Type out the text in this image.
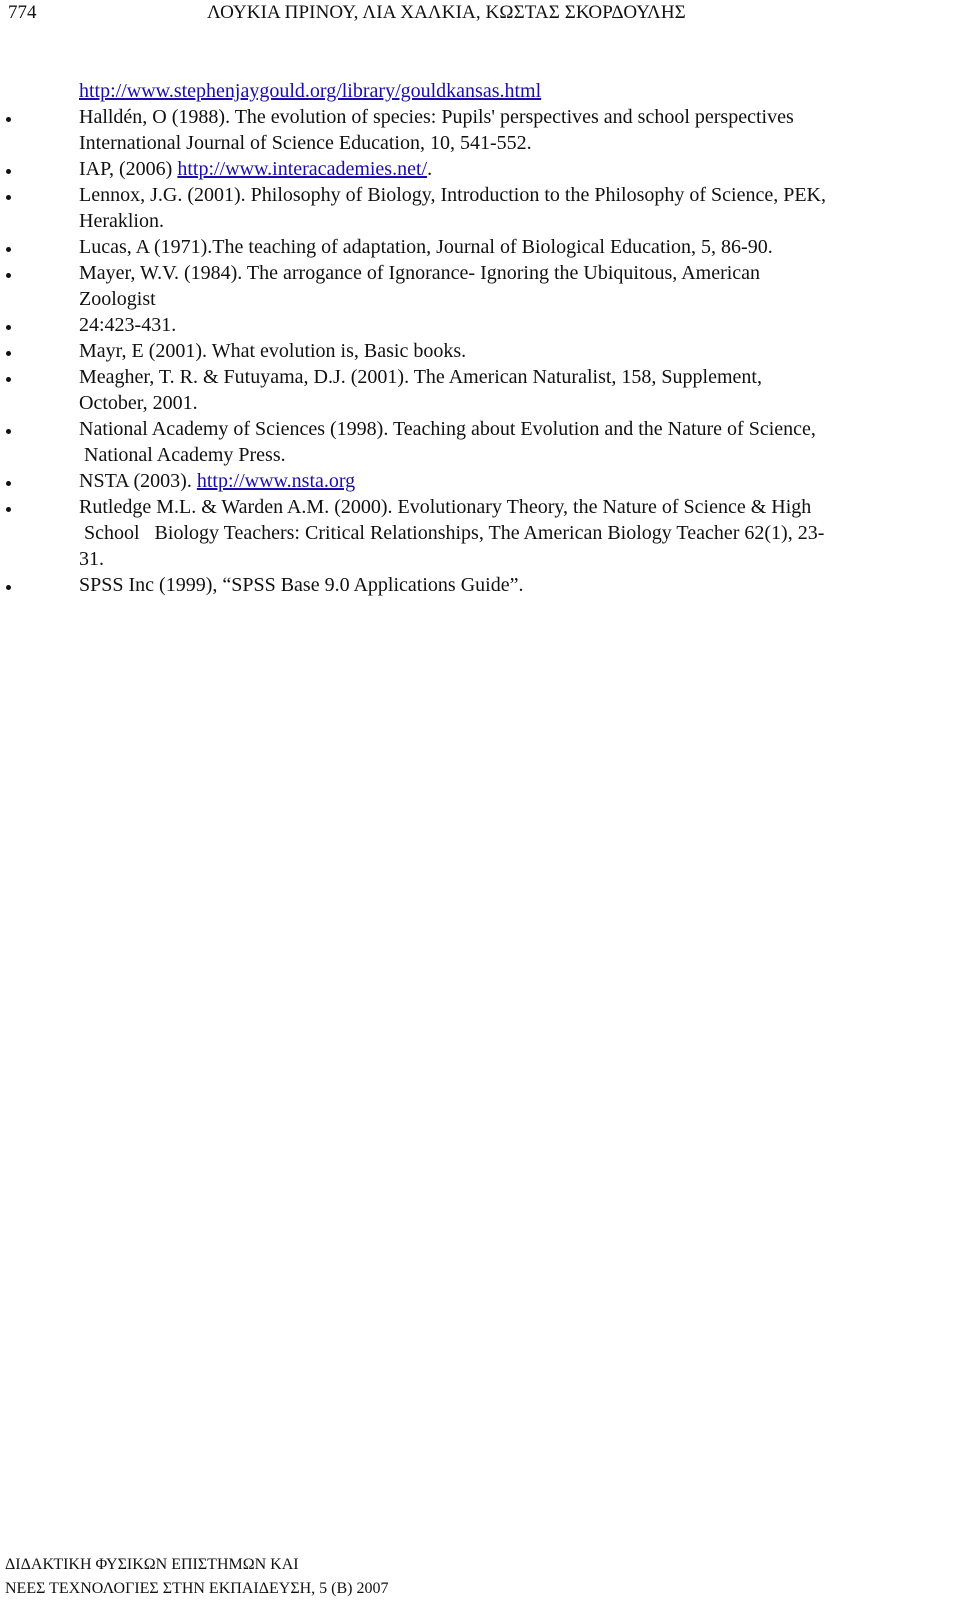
774	ΛΟΥΚΙΑ ΠΡΙΝΟΥ, ΛΙΑ ΧΑΛΚΙΑ, ΚΩΣΤΑΣ ΣΚΟΡΔΟΥΛΗΣ
http://www.stephenjaygould.org/library/gouldkansas.html
Halldén, O (1988). The evolution of species: Pupils' perspectives and school perspectives
International Journal of Science Education, 10, 541-552.
IAP, (2006) http://www.interacademies.net/.
Lennox, J.G. (2001). Philosophy of Biology, Introduction to the Philosophy of Science, PEK,
Heraklion.
Lucas, A (1971).The teaching of adaptation, Journal of Biological Education, 5, 86-90.
Mayer, W.V. (1984). The arrogance of Ignorance- Ignoring the Ubiquitous, American
Zoologist
24:423-431.
Mayr, E (2001). What evolution is, Basic books.
Meagher, T. R. & Futuyama, D.J. (2001). The American Naturalist, 158, Supplement,
October, 2001.
National Academy of Sciences (1998). Teaching about Evolution and the Nature of Science,
National Academy Press.
NSTA (2003). http://www.nsta.org
Rutledge M.L. & Warden A.M. (2000). Evolutionary Theory, the Nature of Science & High
School   Biology Teachers: Critical Relationships, The American Biology Teacher 62(1), 23-
31.
SPSS Inc (1999), “SPSS Base 9.0 Applications Guide”.
ΔΙΔΑΚΤΙΚΗ ΦΥΣΙΚΩΝ ΕΠΙΣΤΗΜΩΝ ΚΑΙ
ΝΕΕΣ ΤΕΧΝΟΛΟΓΙΕΣ ΣΤΗΝ ΕΚΠΑΙΔΕΥΣΗ, 5 (Β) 2007
